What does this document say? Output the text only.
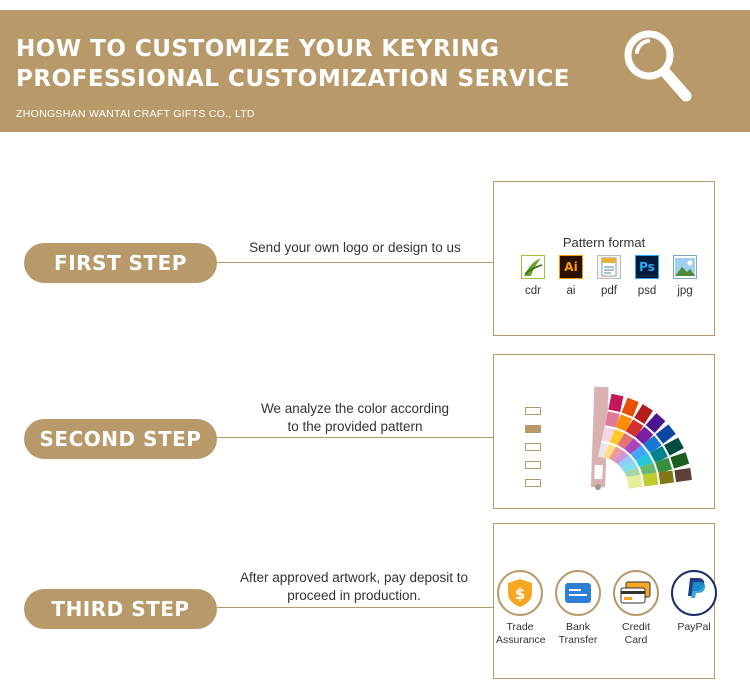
HOW TO CUSTOMIZE YOUR KEYRING
PROFESSIONAL CUSTOMIZATION SERVICE
ZHONGSHAN WANTAI CRAFT GIFTS CO., LTD
FIRST STEP
Send your own logo or design to us	Pattern format
cdr
Ai
ai	pdf
Ps
psd	jpg
SECOND STEP
We analyze the color according
to the provided pattern
THIRD STEP
After approved artwork, pay deposit to
proceed in production.	$
Trade
Assurance
Bank
Transfer
Credit
Card
PayPal
